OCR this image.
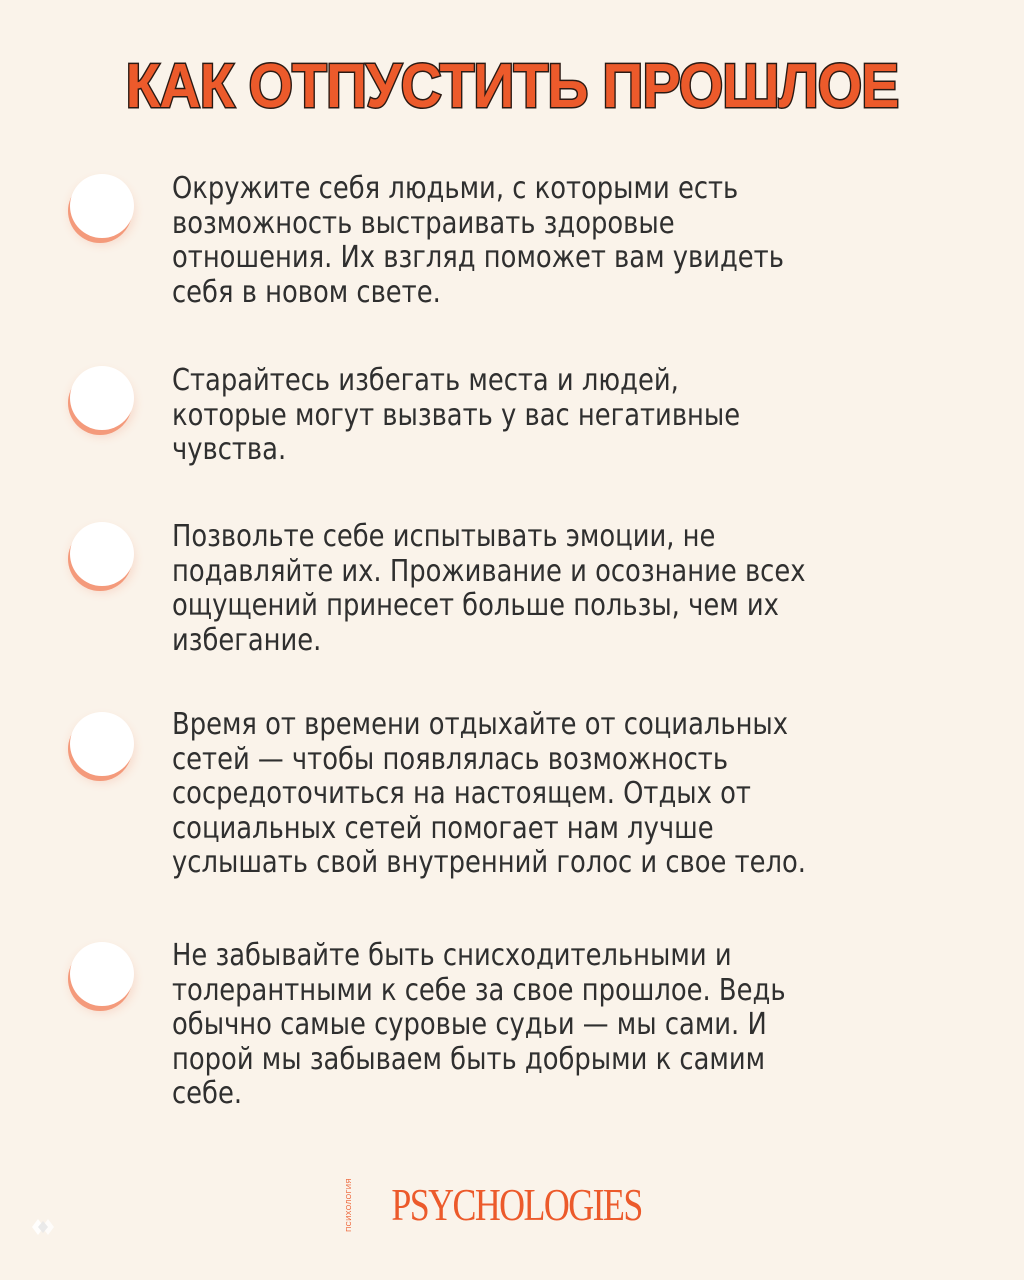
КАК ОТПУСТИТЬ ПРОШЛОЕ
Окружите себя людьми, с которыми есть
возможность выстраивать здоровые
отношения. Их взгляд поможет вам увидеть
себя в новом свете.
Старайтесь избегать места и людей,
которые могут вызвать у вас негативные
чувства.
Позвольте себе испытывать эмоции, не
подавляйте их. Проживание и осознание всех
ощущений принесет больше пользы, чем их
избегание.
Время от времени отдыхайте от социальных
сетей — чтобы появлялась возможность
сосредоточиться на настоящем. Отдых от
социальных сетей помогает нам лучше
услышать свой внутренний голос и свое тело.
Не забывайте быть снисходительными и
толерантными к себе за свое прошлое. Ведь
обычно самые суровые судьи — мы сами. И
порой мы забываем быть добрыми к самим
себе.
ПСИХОЛОГИЯ PSYCHOLOGIES
